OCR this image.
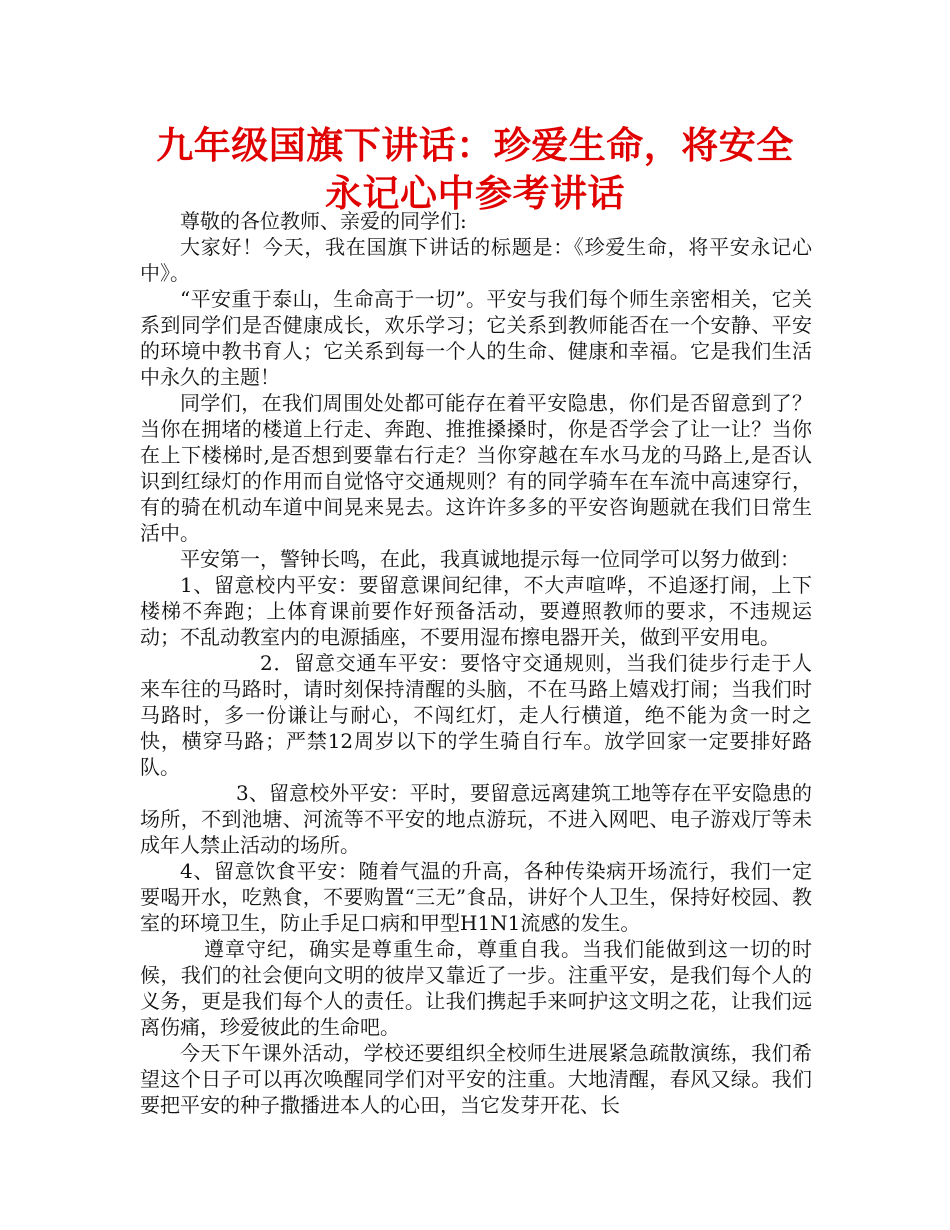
九年级国旗下讲话：珍爱生命，将安全永记心中参考讲话

尊敬的各位教师、亲爱的同学们:

大家好！今天，我在国旗下讲话的标题是：《珍爱生命，将平安永记心中》。

“平安重于泰山，生命高于一切”。平安与我们每个师生亲密相关，它关系到同学们是否健康成长，欢乐学习；它关系到教师能否在一个安静、平安的环境中教书育人；它关系到每一个人的生命、健康和幸福。它是我们生活中永久的主题！

同学们，在我们周围处处都可能存在着平安隐患，你们是否留意到了？当你在拥堵的楼道上行走、奔跑、推推搡搡时，你是否学会了让一让？当你在上下楼梯时,是否想到要靠右行走？当你穿越在车水马龙的马路上,是否认识到红绿灯的作用而自觉恪守交通规则？有的同学骑车在车流中高速穿行，有的骑在机动车道中间晃来晃去。这许许多多的平安咨询题就在我们日常生活中。

平安第一，警钟长鸣，在此，我真诚地提示每一位同学可以努力做到：

1、留意校内平安：要留意课间纪律，不大声喧哗，不追逐打闹，上下楼梯不奔跑；上体育课前要作好预备活动，要遵照教师的要求，不违规运动；不乱动教室内的电源插座，不要用湿布擦电器开关，做到平安用电。

2．留意交通车平安：要恪守交通规则，当我们徒步行走于人来车往的马路时，请时刻保持清醒的头脑，不在马路上嬉戏打闹；当我们时马路时，多一份谦让与耐心，不闯红灯，走人行横道，绝不能为贪一时之快，横穿马路；严禁12周岁以下的学生骑自行车。放学回家一定要排好路队。

3、留意校外平安：平时，要留意远离建筑工地等存在平安隐患的场所，不到池塘、河流等不平安的地点游玩，不进入网吧、电子游戏厅等未成年人禁止活动的场所。

4、留意饮食平安：随着气温的升高，各种传染病开场流行，我们一定要喝开水，吃熟食，不要购置“三无”食品，讲好个人卫生，保持好校园、教室的环境卫生，防止手足口病和甲型H1N1流感的发生。

遵章守纪，确实是尊重生命，尊重自我。当我们能做到这一切的时候，我们的社会便向文明的彼岸又靠近了一步。注重平安，是我们每个人的义务，更是我们每个人的责任。让我们携起手来呵护这文明之花，让我们远离伤痛，珍爱彼此的生命吧。

今天下午课外活动，学校还要组织全校师生进展紧急疏散演练，我们希望这个日子可以再次唤醒同学们对平安的注重。大地清醒，春风又绿。我们要把平安的种子撒播进本人的心田，当它发芽开花、长
